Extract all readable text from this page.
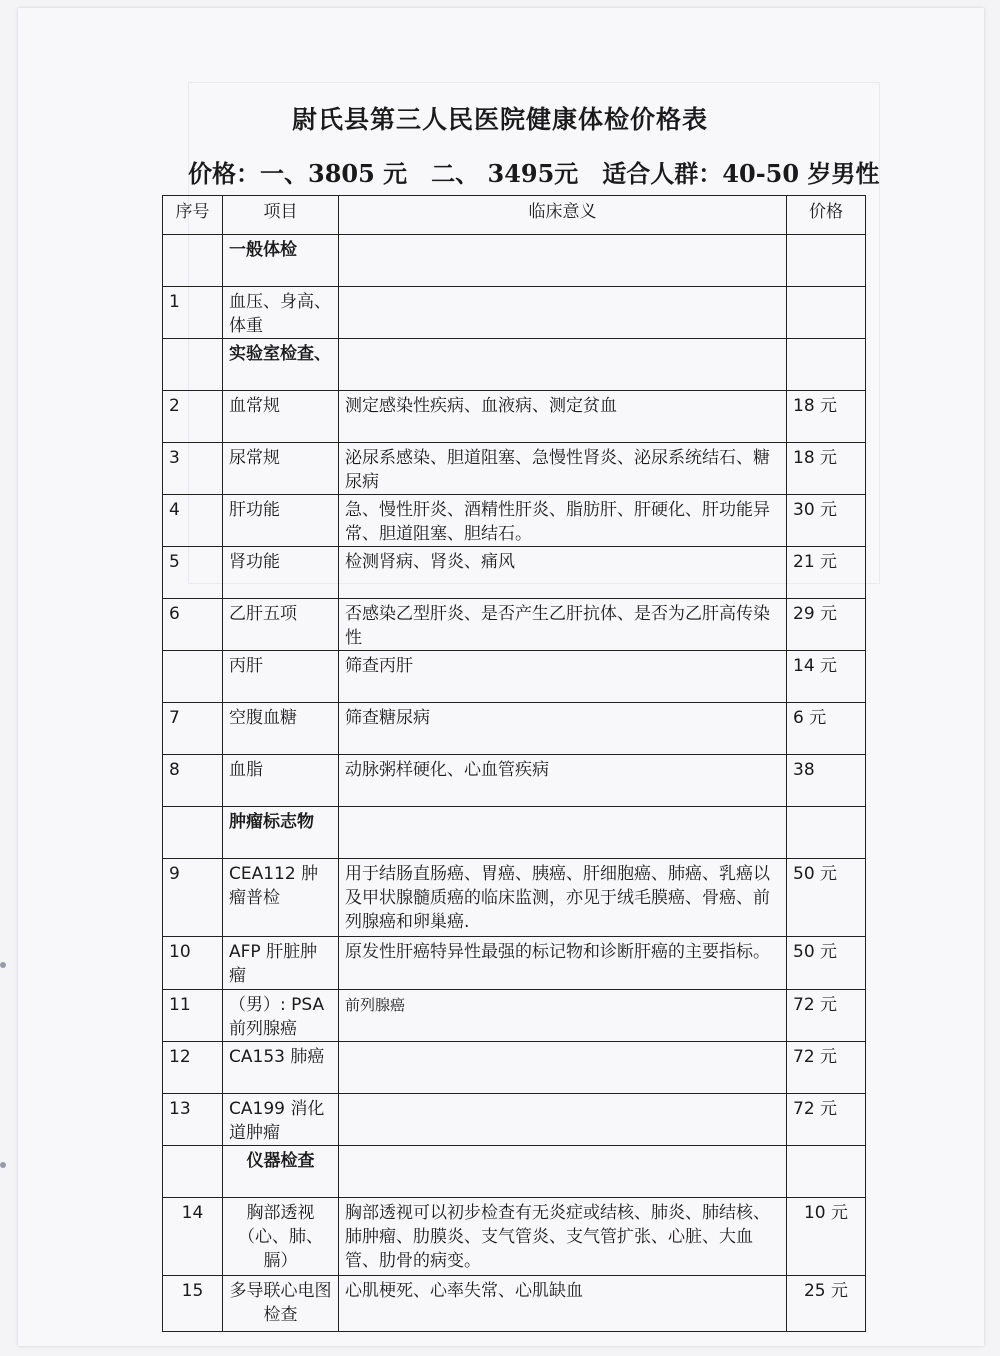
尉氏县第三人民医院健康体检价格表
价格：一、3805 元　二、 3495元　适合人群：40-50 岁男性
序号	项目	临床意义	价格
	一般体检		
1	血压、身高、体重		
	实验室检查、		
2	血常规	测定感染性疾病、血液病、测定贫血	18 元
3	尿常规	泌尿系感染、胆道阻塞、急慢性肾炎、泌尿系统结石、糖尿病	18 元
4	肝功能	急、慢性肝炎、酒精性肝炎、脂肪肝、肝硬化、肝功能异常、胆道阻塞、胆结石。	30 元
5	肾功能	检测肾病、肾炎、痛风	21 元
6	乙肝五项	否感染乙型肝炎、是否产生乙肝抗体、是否为乙肝高传染性	29 元
	丙肝	筛查丙肝	14 元
7	空腹血糖	筛查糖尿病	6 元
8	血脂	动脉粥样硬化、心血管疾病	38
	肿瘤标志物		
9	CEA112 肿瘤普检	用于结肠直肠癌、胃癌、胰癌、肝细胞癌、肺癌、乳癌以及甲状腺髓质癌的临床监测，亦见于绒毛膜癌、骨癌、前列腺癌和卵巢癌.	50 元
10	AFP 肝脏肿瘤	原发性肝癌特异性最强的标记物和诊断肝癌的主要指标。	50 元
11	（男）: PSA 前列腺癌	前列腺癌	72 元
12	CA153 肺癌		72 元
13	CA199 消化道肿瘤		72 元
	仪器检查		
14	胸部透视（心、肺、膈）	胸部透视可以初步检查有无炎症或结核、肺炎、肺结核、肺肿瘤、肋膜炎、支气管炎、支气管扩张、心脏、大血管、肋骨的病变。	10 元
15	多导联心电图检查	心肌梗死、心率失常、心肌缺血	25 元
